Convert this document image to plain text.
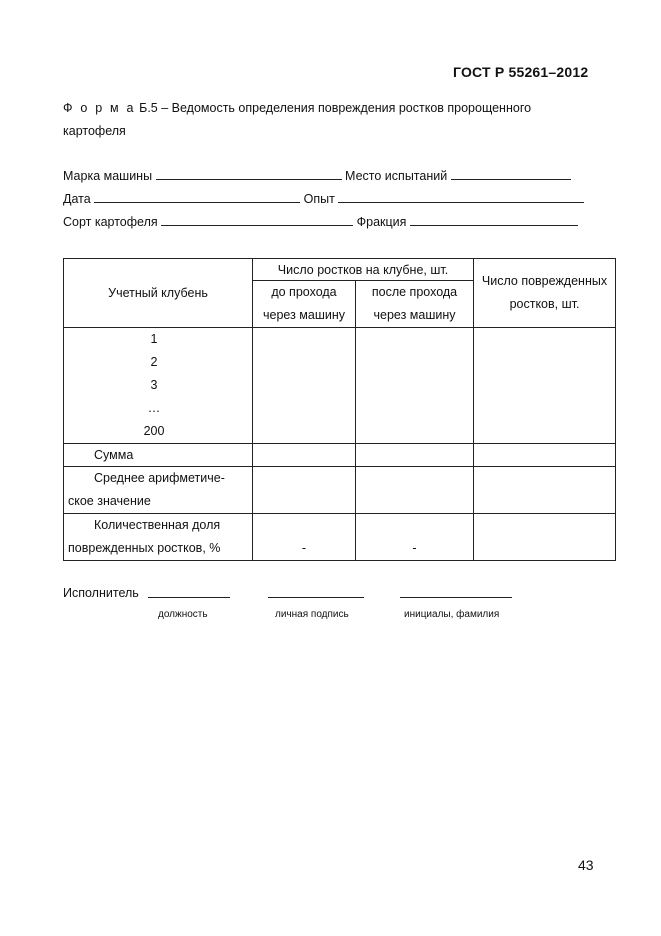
ГОСТ Р 55261–2012
Ф о р м а Б.5 – Ведомость определения повреждения ростков пророщенного картофеля
Марка машины	Место испытаний
Дата	Опыт
Сорт картофеля	Фракция
Учетный клубень	Число ростков на клубне, шт.		Число поврежденных ростков, шт.
	до прохода через машину	после прохода через машину	

1
2
3
…
200			

Сумма			
Среднее арифметиче-ское значение			
Количественная доля поврежденных ростков, %	-	-	
Исполнитель
должность	личная подпись	инициалы, фамилия
43
